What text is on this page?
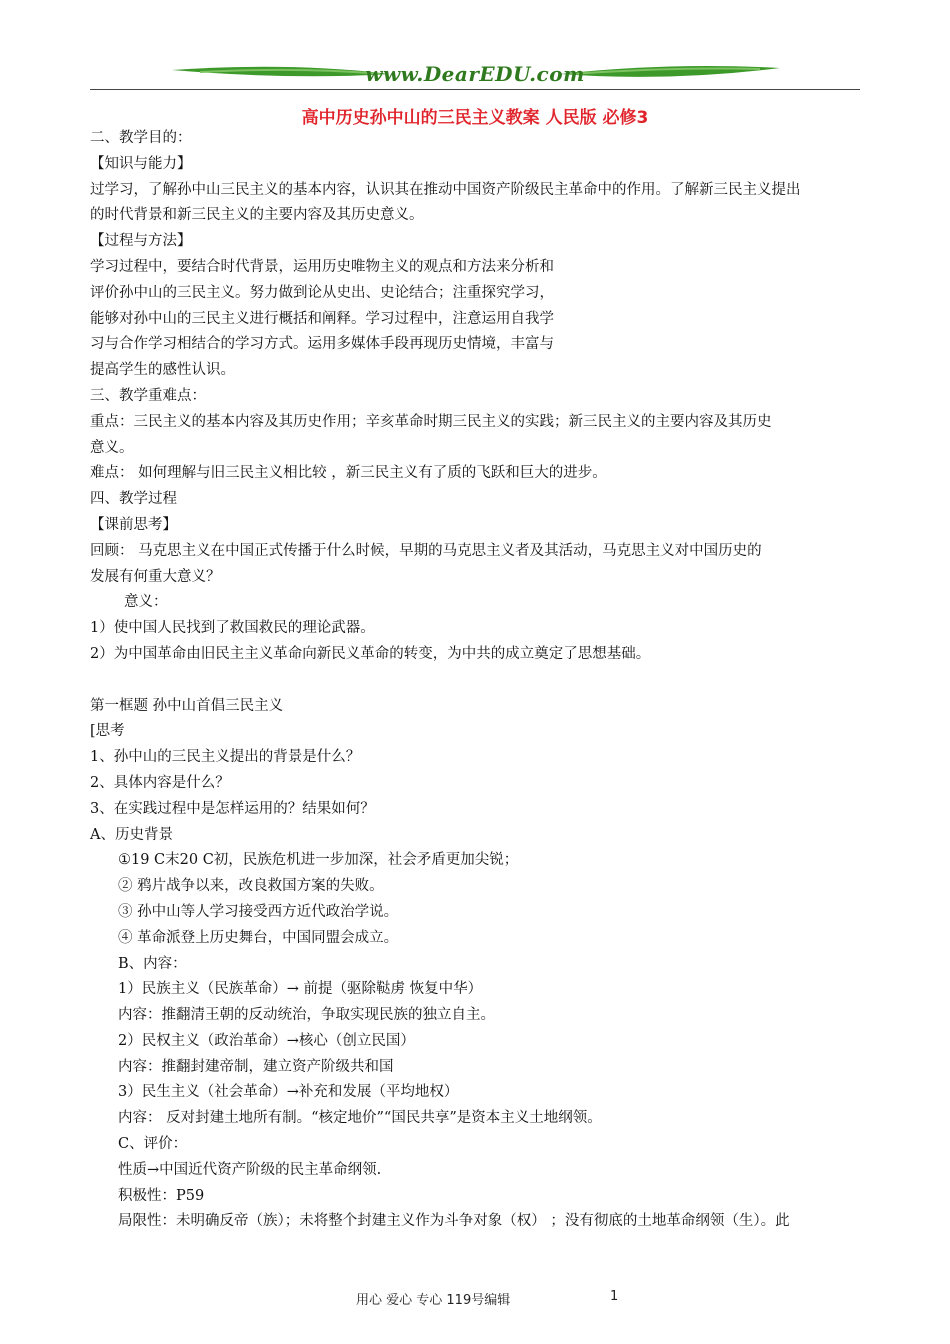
www.DearEDU.com
高中历史孙中山的三民主义教案 人民版 必修3
二、教学目的：
【知识与能力】
过学习，了解孙中山三民主义的基本内容，认识其在推动中国资产阶级民主革命中的作用。了解新三民主义提出
的时代背景和新三民主义的主要内容及其历史意义。
【过程与方法】
学习过程中，要结合时代背景，运用历史唯物主义的观点和方法来分析和
评价孙中山的三民主义。努力做到论从史出、史论结合；注重探究学习，
能够对孙中山的三民主义进行概括和阐释。学习过程中，注意运用自我学
习与合作学习相结合的学习方式。运用多媒体手段再现历史情境，丰富与
提高学生的感性认识。
三、教学重难点：
重点：三民主义的基本内容及其历史作用；辛亥革命时期三民主义的实践；新三民主义的主要内容及其历史
意义。
难点： 如何理解与旧三民主义相比较 ，新三民主义有了质的飞跃和巨大的进步。
四、教学过程
【课前思考】
回顾： 马克思主义在中国正式传播于什么时候，早期的马克思主义者及其活动，马克思主义对中国历史的
发展有何重大意义？
意义：
1）使中国人民找到了救国救民的理论武器。
2）为中国革命由旧民主主义革命向新民义革命的转变，为中共的成立奠定了思想基础。
第一框题 孙中山首倡三民主义
[思考
1、孙中山的三民主义提出的背景是什么？
2、具体内容是什么？
3、在实践过程中是怎样运用的？结果如何？
A、历史背景
①19 C末20 C初，民族危机进一步加深，社会矛盾更加尖锐；
② 鸦片战争以来，改良救国方案的失败。
③ 孙中山等人学习接受西方近代政治学说。
④ 革命派登上历史舞台，中国同盟会成立。
B、内容：
1）民族主义（民族革命）→ 前提（驱除鞑虏 恢复中华）
内容：推翻清王朝的反动统治，争取实现民族的独立自主。
2）民权主义（政治革命）→核心（创立民国）
内容：推翻封建帝制，建立资产阶级共和国
3）民生主义（社会革命）→补充和发展（平均地权）
内容： 反对封建土地所有制。“核定地价”“国民共享”是资本主义土地纲领。
C、评价：
性质→中国近代资产阶级的民主革命纲领.
积极性：P59
局限性：未明确反帝（族）；未将整个封建主义作为斗争对象（权） ；没有彻底的土地革命纲领（生）。此
用心 爱心 专心 119号编辑	1
